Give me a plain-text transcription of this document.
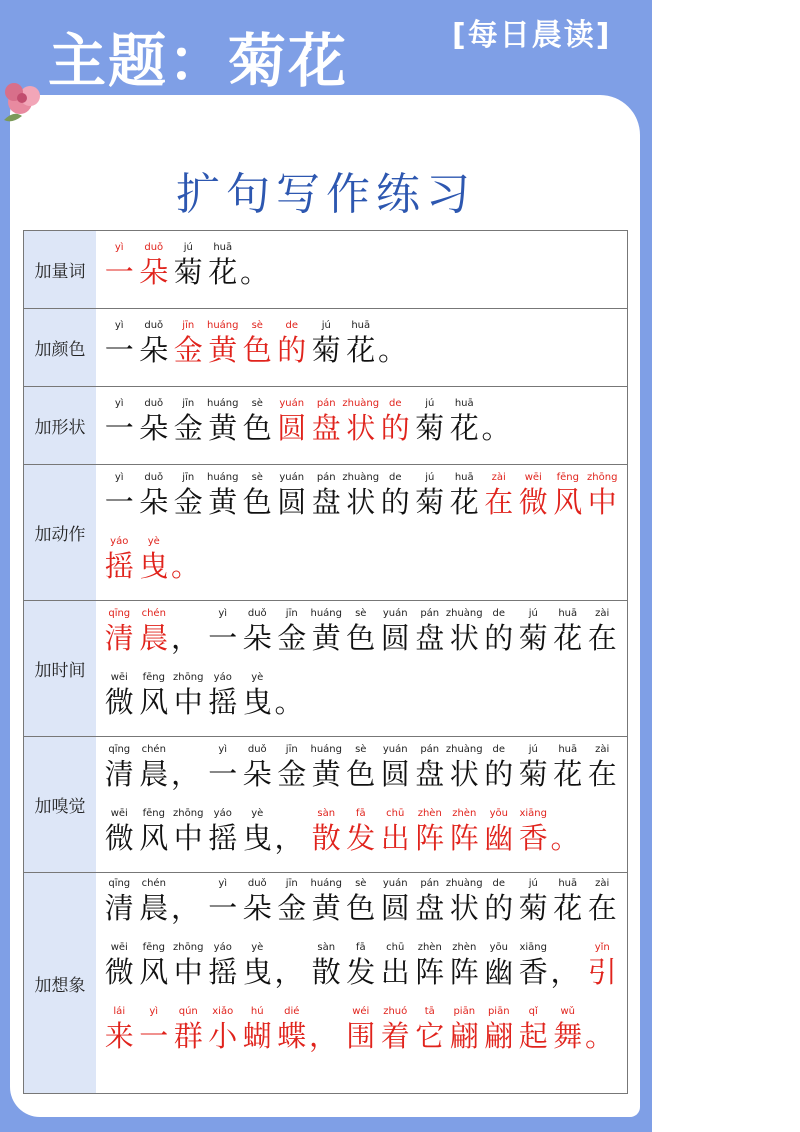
主题：菊花	[每日晨读]
扩句写作练习
加量词
yì
一
duǒ
朵
jú
菊
huā
花 。
加颜色
yì
一
duǒ
朵
jīn
金
huáng
黄
sè
色
de
的
jú
菊
huā
花 。
加形状
yì
一
duǒ
朵
jīn
金
huáng
黄
sè
色
yuán
圆
pán
盘
zhuàng
状
de
的
jú
菊
huā
花 。
加动作
yì
一
duǒ
朵
jīn
金
huáng
黄
sè
色
yuán
圆
pán
盘
zhuàng
状
de
的
jú
菊
huā
花
zài
在
wēi
微
fēng
风
zhōng
中
yáo
摇
yè
曳 。
加时间
qīng
清
chén
晨 ，
yì
一
duǒ
朵
jīn
金
huáng
黄
sè
色
yuán
圆
pán
盘
zhuàng
状
de
的
jú
菊
huā
花
zài
在
wēi
微
fēng
风
zhōng
中
yáo
摇
yè
曳 。
加嗅觉
qīng
清
chén
晨 ，
yì
一
duǒ
朵
jīn
金
huáng
黄
sè
色
yuán
圆
pán
盘
zhuàng
状
de
的
jú
菊
huā
花
zài
在
wēi
微
fēng
风
zhōng
中
yáo
摇
yè
曳 ，
sàn
散
fā
发
chū
出
zhèn
阵
zhèn
阵
yōu
幽
xiāng
香 。
加想象
qīng
清
chén
晨 ，
yì
一
duǒ
朵
jīn
金
huáng
黄
sè
色
yuán
圆
pán
盘
zhuàng
状
de
的
jú
菊
huā
花
zài
在
wēi
微
fēng
风
zhōng
中
yáo
摇
yè
曳 ，
sàn
散
fā
发
chū
出
zhèn
阵
zhèn
阵
yōu
幽
xiāng
香 ，
yǐn
引
lái
来
yì
一
qún
群
xiǎo
小
hú
蝴
dié
蝶 ，
wéi
围
zhuó
着
tā
它
piān
翩
piān
翩
qǐ
起
wǔ
舞 。
